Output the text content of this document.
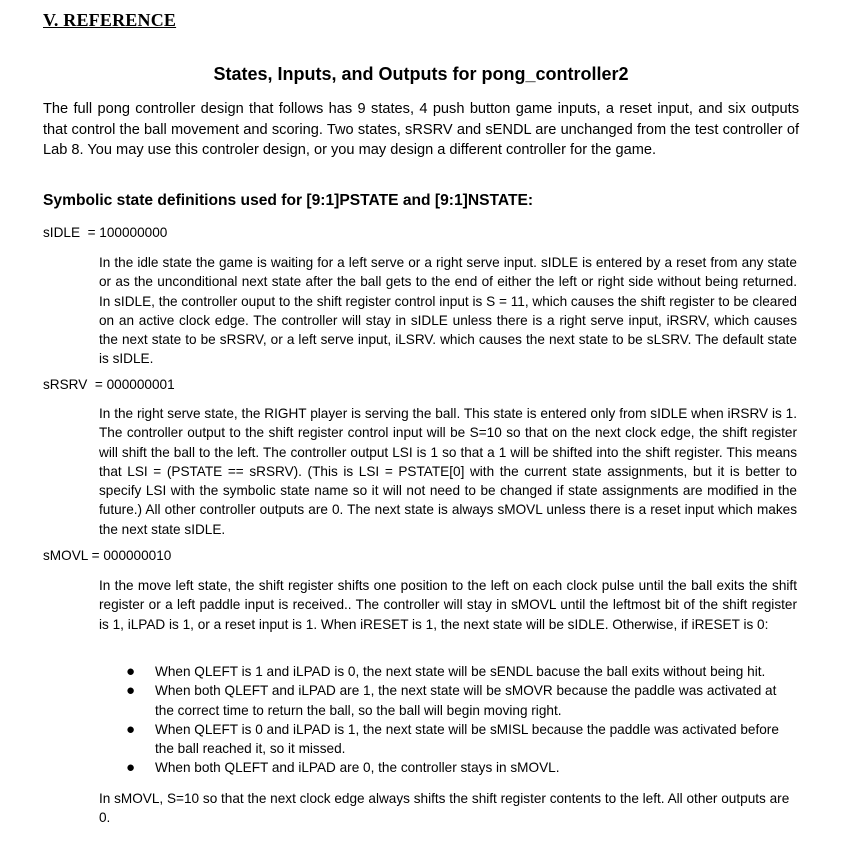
V. REFERENCE
States, Inputs, and Outputs for pong_controller2

The full pong controller design that follows has 9 states, 4 push button game inputs, a reset input, and six outputs that control the ball movement and scoring. Two states, sRSRV and sENDL are unchanged from the test controller of Lab 8. You may use this controler design, or you may design a different controller for the game.

Symbolic state definitions used for [9:1]PSTATE and [9:1]NSTATE:
sIDLE  = 100000000

In the idle state the game is waiting for a left serve or a right serve input. sIDLE is entered by a reset from any state or as the unconditional next state after the ball gets to the end of either the left or right side without being returned. In sIDLE, the controller ouput to the shift register control input is S = 11, which causes the shift register to be cleared on an active clock edge. The controller will stay in sIDLE unless there is a right serve input, iRSRV, which causes the next state to be sRSRV, or a left serve input, iLSRV. which causes the next state to be sLSRV. The default state is sIDLE.

sRSRV  = 000000001

In the right serve state, the RIGHT player is serving the ball. This state is entered only from sIDLE when iRSRV is 1. The controller output to the shift register control input will be S=10 so that on the next clock edge, the shift register will shift the ball to the left. The controller output LSI is 1 so that a 1 will be shifted into the shift register. This means that LSI = (PSTATE == sRSRV). (This is LSI = PSTATE[0] with the current state assignments, but it is better to specify LSI with the symbolic state name so it will not need to be changed if state assignments are modified in the future.) All other controller outputs are 0. The next state is always sMOVL unless there is a reset input which makes the next state sIDLE.

sMOVL = 000000010

In the move left state, the shift register shifts one position to the left on each clock pulse until the ball exits the shift register or a left paddle input is received.. The controller will stay in sMOVL until the leftmost bit of the shift register is 1, iLPAD is 1, or a reset input is 1. When iRESET is 1, the next state will be sIDLE. Otherwise, if iRESET is 0:

● When QLEFT is 1 and iLPAD is 0, the next state will be sENDL bacuse the ball exits without being hit.
● When both QLEFT and iLPAD are 1, the next state will be sMOVR because the paddle was activated at the correct time to return the ball, so the ball will begin moving right.
● When QLEFT is 0 and iLPAD is 1, the next state will be sMISL because the paddle was activated before the ball reached it, so it missed.
● When both QLEFT and iLPAD are 0, the controller stays in sMOVL.

In sMOVL, S=10 so that the next clock edge always shifts the shift register contents to the left. All other outputs are 0.
